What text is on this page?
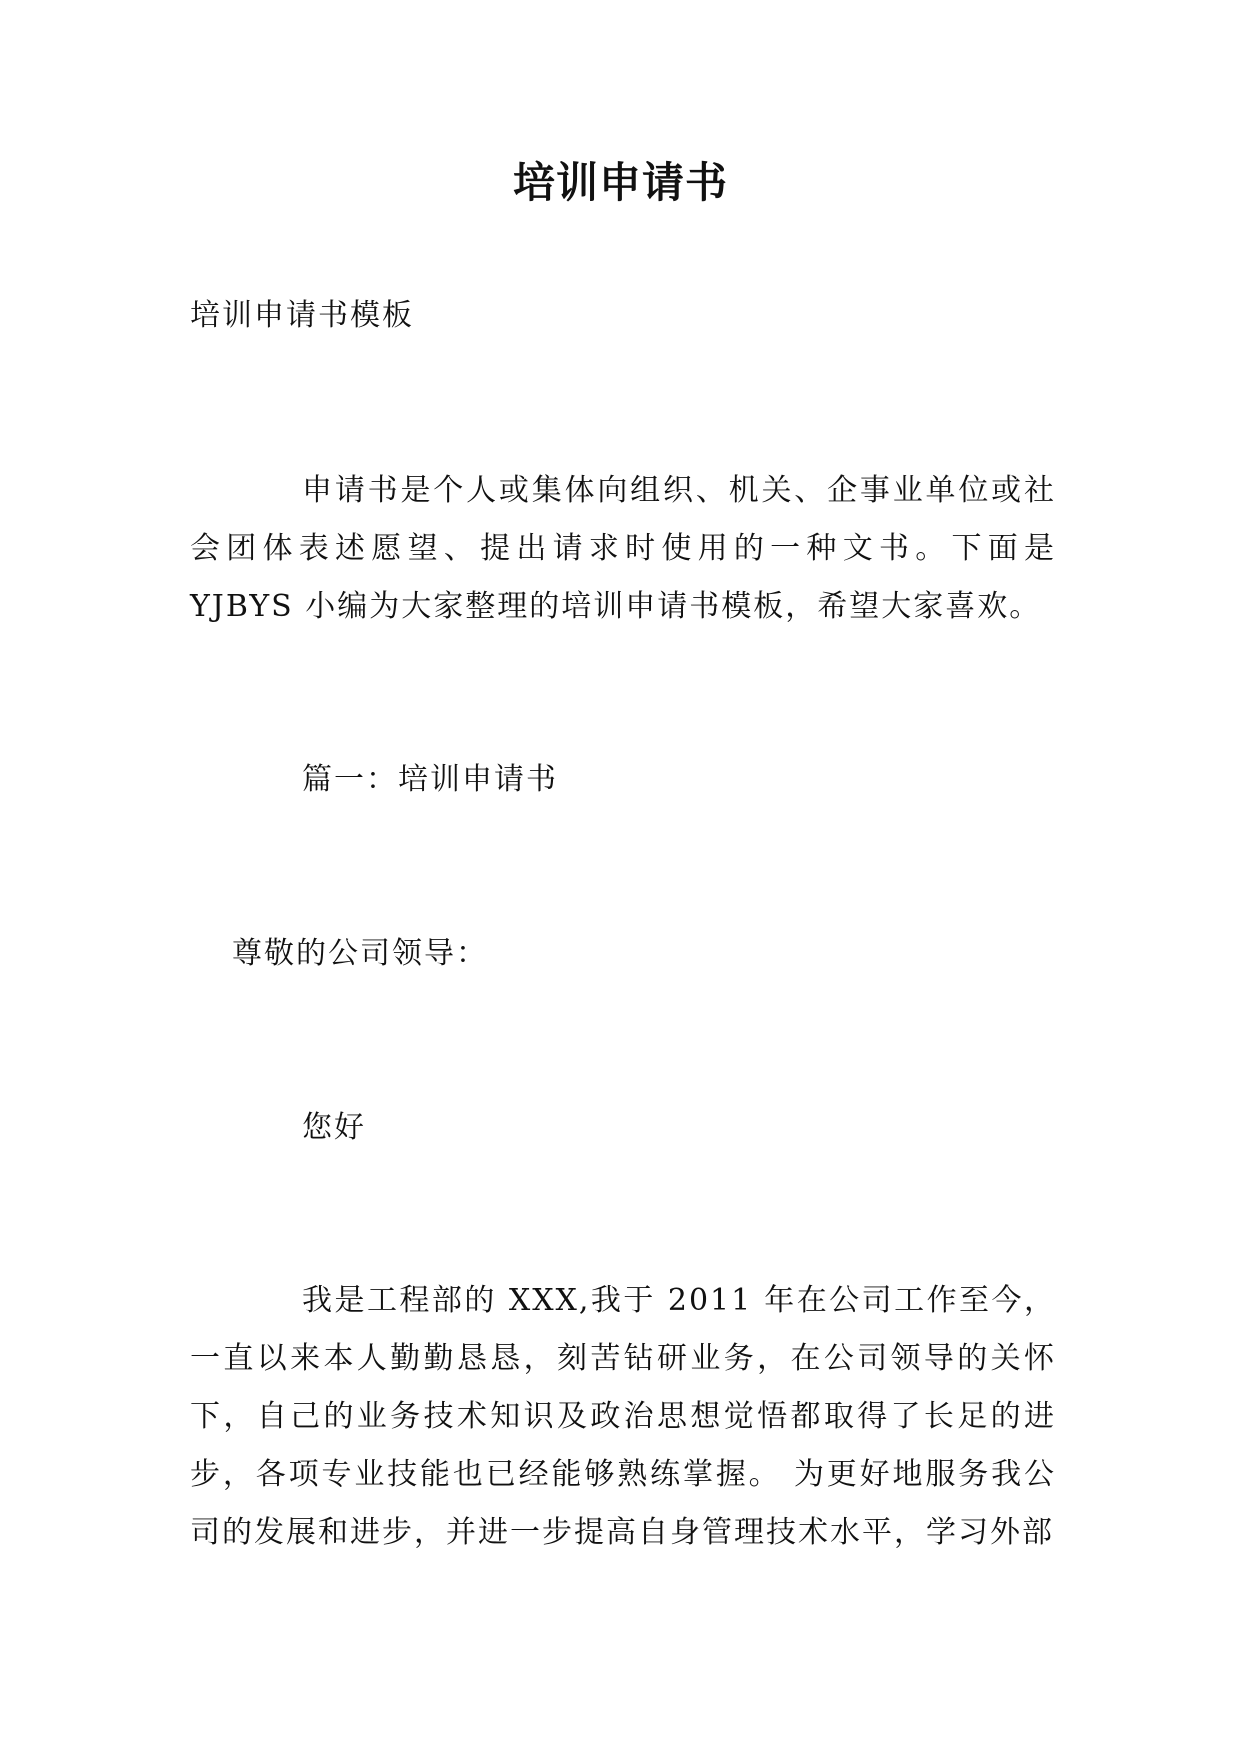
培训申请书
培训申请书模板
申请书是个人或集体向组织、机关、企事业单位或社会团体表述愿望、提出请求时使用的一种文书。下面是 YJBYS 小编为大家整理的培训申请书模板，希望大家喜欢。
篇一：培训申请书
尊敬的公司领导：
您好
我是工程部的 XXX,我于 2011 年在公司工作至今，一直以来本人勤勤恳恳，刻苦钻研业务，在公司领导的关怀下，自己的业务技术知识及政治思想觉悟都取得了长足的进步，各项专业技能也已经能够熟练掌握。 为更好地服务我公司的发展和进步，并进一步提高自身管理技术水平，学习外部
